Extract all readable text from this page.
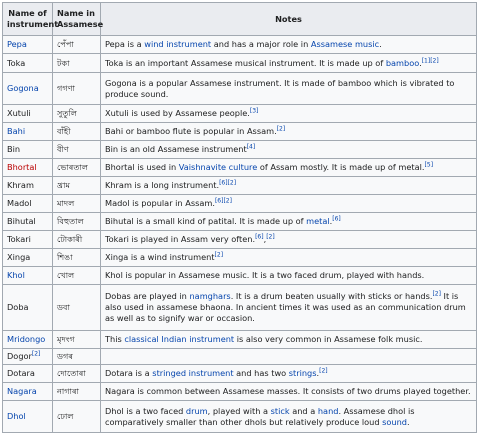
Name of instrument	Name in Assamese	Notes
Pepa	পেঁপা	Pepa is a wind instrument and has a major role in Assamese music.
Toka	টকা	Toka is an important Assamese musical instrument. It is made up of bamboo.[1][2]
Gogona	গগণা	Gogona is a popular Assamese instrument. It is made of bamboo which is vibrated to produce sound.
Xutuli	সুতুলি	Xutuli is used by Assamese people.[3]
Bahi	বাঁহী	Bahi or bamboo flute is popular in Assam.[2]
Bin	বীণ	Bin is an old Assamese instrument[4]
Bhortal	ভোৰতাল	Bhortal is used in Vaishnavite culture of Assam mostly. It is made up of metal.[5]
Khram	খ্ৰাম	Khram is a long instrument.[6][2]
Madol	মাদল	Madol is popular in Assam.[6][2]
Bihutal	বিহুতাল	Bihutal is a small kind of patital. It is made up of metal.[6]
Tokari	টোকাৰী	Tokari is played in Assam very often.[6],[2]
Xinga	শিঙা	Xinga is a wind instrument[2]
Khol	খোল	Khol is popular in Assamese music. It is a two faced drum, played with hands.
Doba	ডবা	Dobas are played in namghars. It is a drum beaten usually with sticks or hands.[2] It is also used in assamese bhaona. In ancient times it was used as an communication drum as well as to signify war or occasion.
Mridongo	মৃদংগ	This classical Indian instrument is also very common in Assamese folk music.
Dogor[2]	ডগৰ	
Dotara	দোতোৰা	Dotara is a stringed instrument and has two strings.[2]
Nagara	নাগাৰা	Nagara is common between Assamese masses. It consists of two drums played together.
Dhol	ঢোল	Dhol is a two faced drum, played with a stick and a hand. Assamese dhol is comparatively smaller than other dhols but relatively produce loud sound.
